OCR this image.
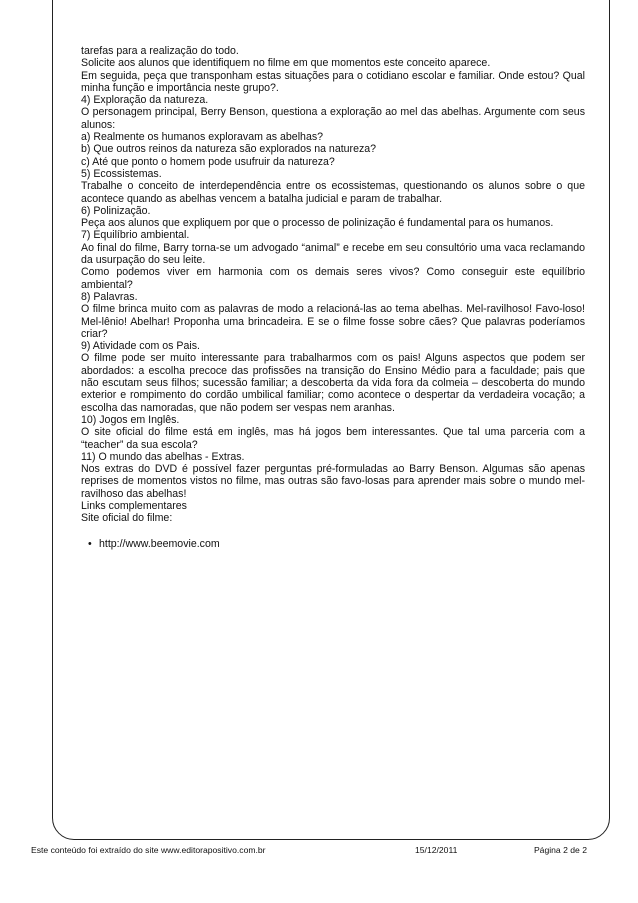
tarefas para a realização do todo.

Solicite aos alunos que identifiquem no filme em que momentos este conceito aparece.

Em seguida, peça que transponham estas situações para o cotidiano escolar e familiar. Onde estou? Qual minha função e importância neste grupo?.

4) Exploração da natureza.

O personagem principal, Berry Benson, questiona a exploração ao mel das abelhas. Argumente com seus alunos:

a) Realmente os humanos exploravam as abelhas?

b) Que outros reinos da natureza são explorados na natureza?

c) Até que ponto o homem pode usufruir da natureza?

5) Ecossistemas.

Trabalhe o conceito de interdependência entre os ecossistemas, questionando os alunos sobre o que acontece quando as abelhas vencem a batalha judicial e param de trabalhar.

6) Polinização.

Peça aos alunos que expliquem por que o processo de polinização é fundamental para os humanos.

7) Equilíbrio ambiental.

Ao final do filme, Barry torna-se um advogado “animal” e recebe em seu consultório uma vaca reclamando da usurpação do seu leite.

Como podemos viver em harmonia com os demais seres vivos? Como conseguir este equilíbrio ambiental?

8) Palavras.

O filme brinca muito com as palavras de modo a relacioná-las ao tema abelhas. Mel-ravilhoso! Favo-loso! Mel-lênio! Abelhar! Proponha uma brincadeira. E se o filme fosse sobre cães? Que palavras poderíamos criar?

9) Atividade com os Pais.

O filme pode ser muito interessante para trabalharmos com os pais! Alguns aspectos que podem ser abordados: a escolha precoce das profissões na transição do Ensino Médio para a faculdade; pais que não escutam seus filhos; sucessão familiar; a descoberta da vida fora da colmeia – descoberta do mundo exterior e rompimento do cordão umbilical familiar; como acontece o despertar da verdadeira vocação; a escolha das namoradas, que não podem ser vespas nem aranhas.

10) Jogos em Inglês.

O site oficial do filme está em inglês, mas há jogos bem interessantes. Que tal uma parceria com a “teacher” da sua escola?

11) O mundo das abelhas - Extras.

Nos extras do DVD é possível fazer perguntas pré-formuladas ao Barry Benson. Algumas são apenas reprises de momentos vistos no filme, mas outras são favo-losas para aprender mais sobre o mundo mel-ravilhoso das abelhas!

Links complementares

Site oficial do filme:

• http://www.beemovie.com
Este conteúdo foi extraído do site www.editorapositivo.com.br	15/12/2011	Página 2 de 2
